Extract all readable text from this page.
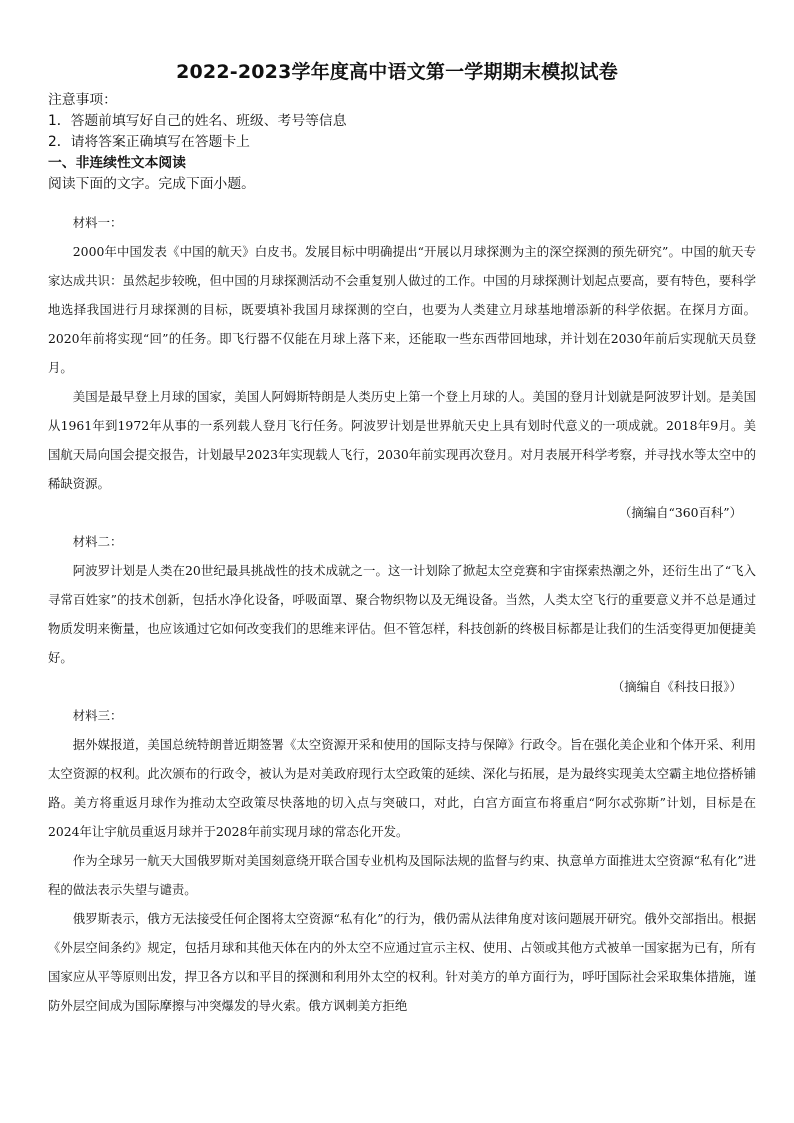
2022-2023学年度高中语文第一学期期末模拟试卷
注意事项：
1．答题前填写好自己的姓名、班级、考号等信息
2．请将答案正确填写在答题卡上
一、非连续性文本阅读
阅读下面的文字。完成下面小题。

材料一：

2000年中国发表《中国的航天》白皮书。发展目标中明确提出“开展以月球探测为主的深空探测的预先研究”。中国的航天专家达成共识：虽然起步较晚，但中国的月球探测活动不会重复别人做过的工作。中国的月球探测计划起点要高，要有特色，要科学地选择我国进行月球探测的目标，既要填补我国月球探测的空白，也要为人类建立月球基地增添新的科学依据。在探月方面。2020年前将实现“回”的任务。即飞行器不仅能在月球上落下来，还能取一些东西带回地球，并计划在2030年前后实现航天员登月。

美国是最早登上月球的国家，美国人阿姆斯特朗是人类历史上第一个登上月球的人。美国的登月计划就是阿波罗计划。是美国从1961年到1972年从事的一系列载人登月飞行任务。阿波罗计划是世界航天史上具有划时代意义的一项成就。2018年9月。美国航天局向国会提交报告，计划最早2023年实现载人飞行，2030年前实现再次登月。对月表展开科学考察，并寻找水等太空中的稀缺资源。

（摘编自“360百科”）

材料二：

阿波罗计划是人类在20世纪最具挑战性的技术成就之一。这一计划除了掀起太空竞赛和宇宙探索热潮之外，还衍生出了“飞入寻常百姓家”的技术创新，包括水净化设备，呼吸面罩、聚合物织物以及无绳设备。当然，人类太空飞行的重要意义并不总是通过物质发明来衡量，也应该通过它如何改变我们的思维来评估。但不管怎样，科技创新的终极目标都是让我们的生活变得更加便捷美好。

（摘编自《科技日报》）

材料三：

据外媒报道，美国总统特朗普近期签署《太空资源开采和使用的国际支持与保障》行政令。旨在强化美企业和个体开采、利用太空资源的权利。此次颁布的行政令，被认为是对美政府现行太空政策的延续、深化与拓展，是为最终实现美太空霸主地位搭桥铺路。美方将重返月球作为推动太空政策尽快落地的切入点与突破口，对此，白宫方面宣布将重启“阿尔忒弥斯”计划，目标是在2024年让宇航员重返月球并于2028年前实现月球的常态化开发。

作为全球另一航天大国俄罗斯对美国刻意绕开联合国专业机构及国际法规的监督与约束、执意单方面推进太空资源“私有化”进程的做法表示失望与谴责。

俄罗斯表示，俄方无法接受任何企图将太空资源“私有化”的行为，俄仍需从法律角度对该问题展开研究。俄外交部指出。根据《外层空间条约》规定，包括月球和其他天体在内的外太空不应通过宣示主权、使用、占领或其他方式被单一国家据为已有，所有国家应从平等原则出发，捍卫各方以和平目的探测和利用外太空的权利。针对美方的单方面行为，呼吁国际社会采取集体措施，谨防外层空间成为国际摩擦与冲突爆发的导火索。俄方讽刺美方拒绝
